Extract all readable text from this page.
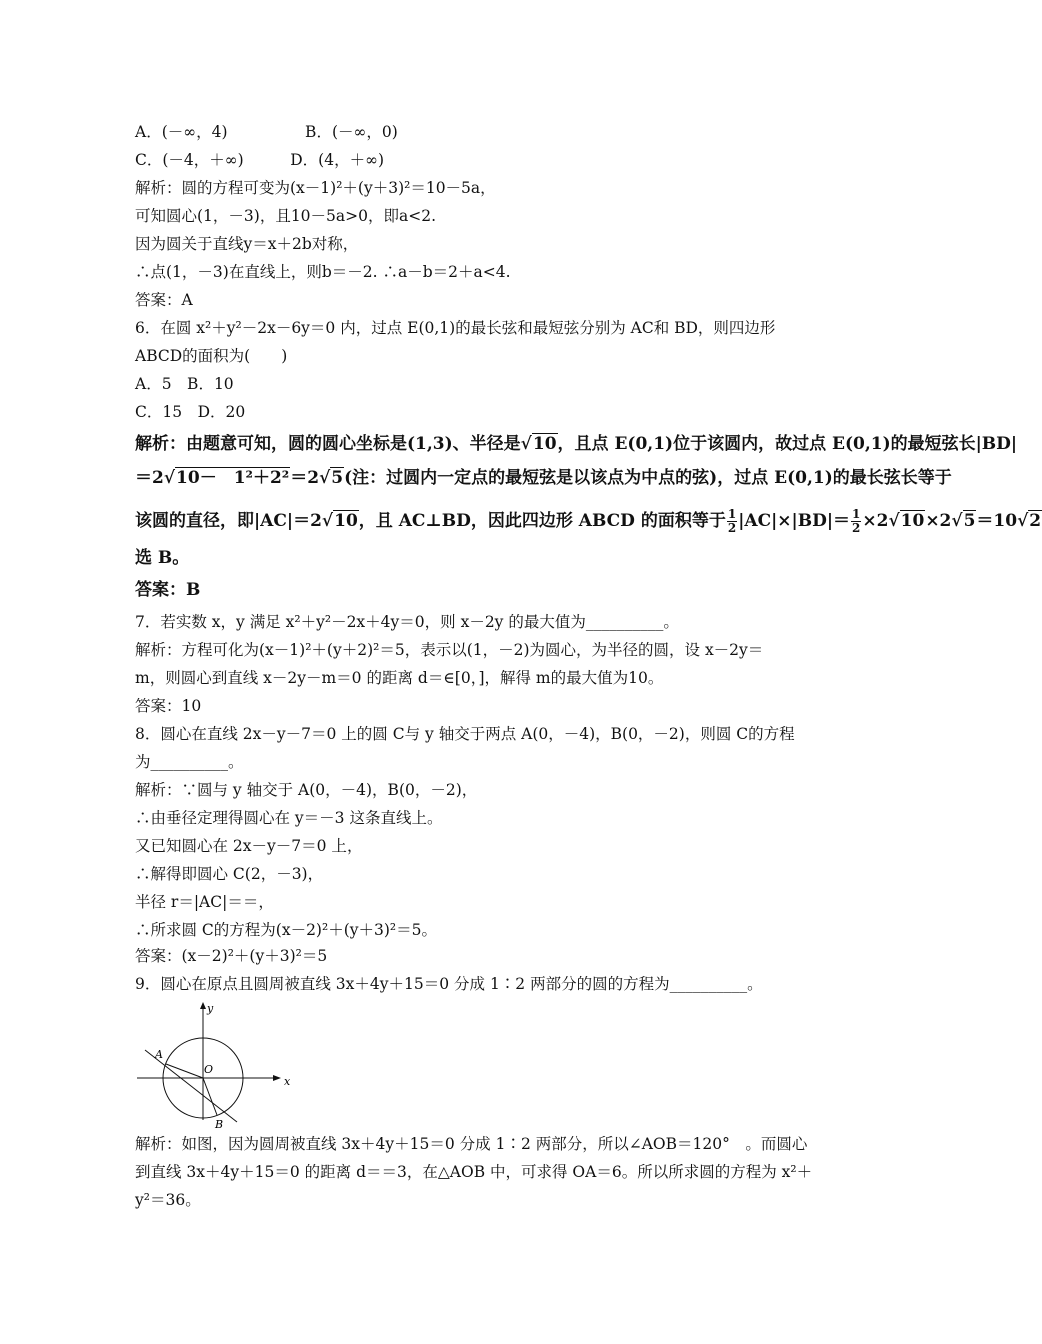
A．(－∞，4)　　　　　B．(－∞，0)
C．(－4，＋∞)　　　D．(4，＋∞)
解析：圆的方程可变为(x－1)²＋(y＋3)²＝10－5a，
可知圆心(1，－3)，且10－5a>0，即a<2.
因为圆关于直线y＝x＋2b对称，
∴点(1，－3)在直线上，则b＝－2. ∴a－b＝2＋a<4.
答案：A
6．在圆 x²＋y²－2x－6y＝0 内，过点 E(0,1)的最长弦和最短弦分别为 AC和 BD，则四边形
ABCD的面积为(　　)
A．5　B．10
C．15　D．20
解析：由题意可知，圆的圆心坐标是(1,3)、半径是√10，且点 E(0,1)位于该圆内，故过点 E(0,1)的最短弦长|BD|
＝2√10－　1²＋2²＝2√5(注：过圆内一定点的最短弦是以该点为中点的弦)，过点 E(0,1)的最长弦长等于
该圆的直径，即|AC|＝2√10，且 AC⊥BD，因此四边形 ABCD 的面积等于 $\frac{1}{2} |AC|\times|BD|= \frac{1}{2} \times 2√10\times 2√5=10√2$
选 B。
答案：B
7．若实数 x，y 满足 x²＋y²－2x＋4y＝0，则 x－2y 的最大值为__________。
解析：方程可化为(x－1)²＋(y＋2)²＝5，表示以(1，－2)为圆心，为半径的圆，设 x－2y＝
m，则圆心到直线 x－2y－m＝0 的距离 d＝∈[0，]，解得 m的最大值为10。
答案：10
8．圆心在直线 2x－y－7＝0 上的圆 C与 y 轴交于两点 A(0，－4)，B(0，－2)，则圆 C的方程
为__________。
解析：∵圆与 y 轴交于 A(0，－4)，B(0，－2)，
∴由垂径定理得圆心在 y＝－3 这条直线上。
又已知圆心在 2x－y－7＝0 上，
∴解得即圆心 C(2，－3)，
半径 r＝|AC|＝＝，
∴所求圆 C的方程为(x－2)²＋(y＋3)²＝5。
答案：(x－2)²＋(y＋3)²＝5
9．圆心在原点且圆周被直线 3x＋4y＋15＝0 分成 1∶2 两部分的圆的方程为__________。
y
x
A
O
B
解析：如图，因为圆周被直线 3x＋4y＋15＝0 分成 1∶2 两部分，所以∠AOB＝120°　。而圆心
到直线 3x＋4y＋15＝0 的距离 d＝＝3，在△AOB 中，可求得 OA＝6。所以所求圆的方程为 x²＋
y²＝36。
